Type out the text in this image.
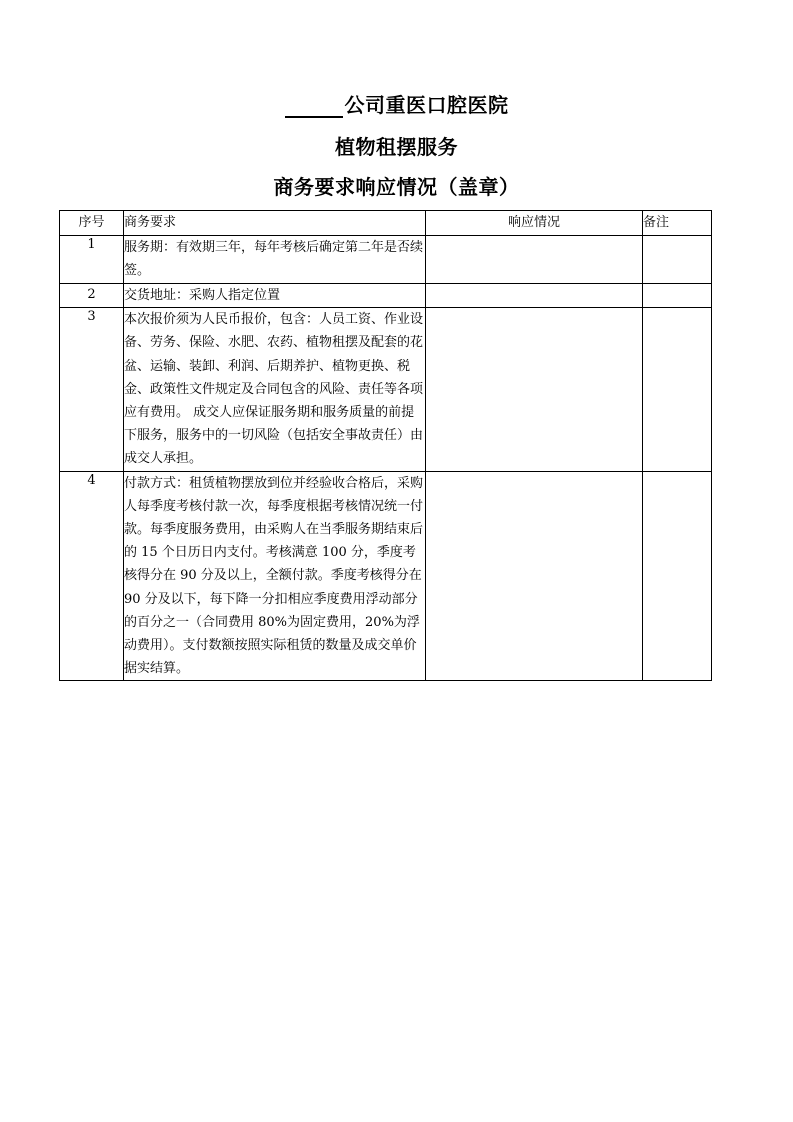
公司重医口腔医院
植物租摆服务
商务要求响应情况（盖章）
序号	商务要求	响应情况	备注
1	服务期：有效期三年，每年考核后确定第二年是否续签。		
2	交货地址：采购人指定位置		
3	本次报价须为人民币报价，包含：人员工资、作业设备、劳务、保险、水肥、农药、植物租摆及配套的花盆、运输、装卸、利润、后期养护、植物更换、税金、政策性文件规定及合同包含的风险、责任等各项应有费用。 成交人应保证服务期和服务质量的前提下服务，服务中的一切风险（包括安全事故责任）由成交人承担。		
4	付款方式：租赁植物摆放到位并经验收合格后，采购人每季度考核付款一次，每季度根据考核情况统一付款。每季度服务费用，由采购人在当季服务期结束后的 15 个日历日内支付。考核满意 100 分，季度考核得分在 90 分及以上，全额付款。季度考核得分在 90 分及以下，每下降一分扣相应季度费用浮动部分的百分之一（合同费用 80%为固定费用，20%为浮动费用）。支付数额按照实际租赁的数量及成交单价据实结算。		
